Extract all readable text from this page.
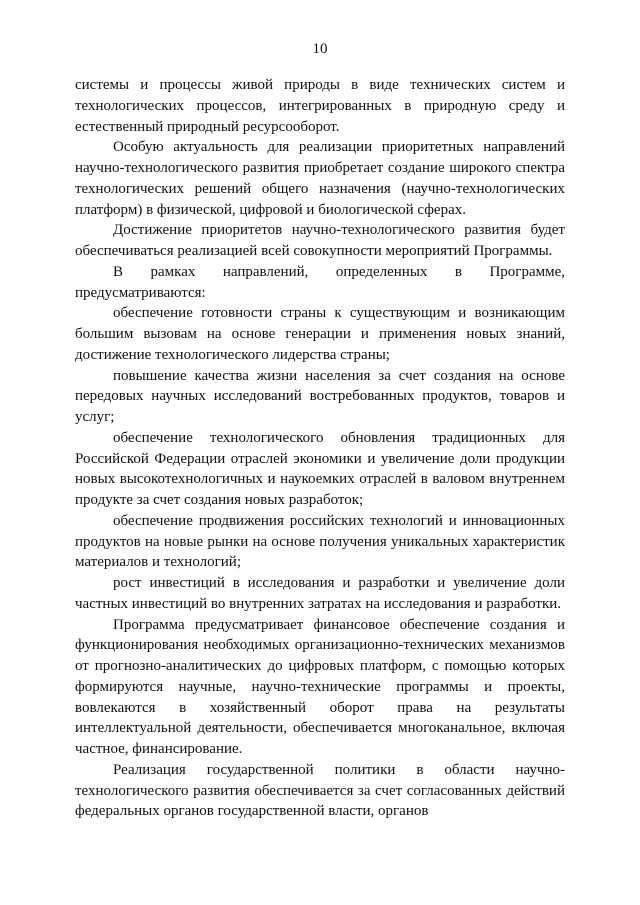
10

системы и процессы живой природы в виде технических систем и технологических процессов, интегрированных в природную среду и естественный природный ресурсооборот.

Особую актуальность для реализации приоритетных направлений научно-технологического развития приобретает создание широкого спектра технологических решений общего назначения (научно-технологических платформ) в физической, цифровой и биологической сферах.

Достижение приоритетов научно-технологического развития будет обеспечиваться реализацией всей совокупности мероприятий Программы.

В рамках направлений, определенных в Программе, предусматриваются:

обеспечение готовности страны к существующим и возникающим большим вызовам на основе генерации и применения новых знаний, достижение технологического лидерства страны;

повышение качества жизни населения за счет создания на основе передовых научных исследований востребованных продуктов, товаров и услуг;

обеспечение технологического обновления традиционных для Российской Федерации отраслей экономики и увеличение доли продукции новых высокотехнологичных и наукоемких отраслей в валовом внутреннем продукте за счет создания новых разработок;

обеспечение продвижения российских технологий и инновационных продуктов на новые рынки на основе получения уникальных характеристик материалов и технологий;

рост инвестиций в исследования и разработки и увеличение доли частных инвестиций во внутренних затратах на исследования и разработки.

Программа предусматривает финансовое обеспечение создания и функционирования необходимых организационно-технических механизмов от прогнозно-аналитических до цифровых платформ, с помощью которых формируются научные, научно-технические программы и проекты, вовлекаются в хозяйственный оборот права на результаты интеллектуальной деятельности, обеспечивается многоканальное, включая частное, финансирование.

Реализация государственной политики в области научно-технологического развития обеспечивается за счет согласованных действий федеральных органов государственной власти, органов
